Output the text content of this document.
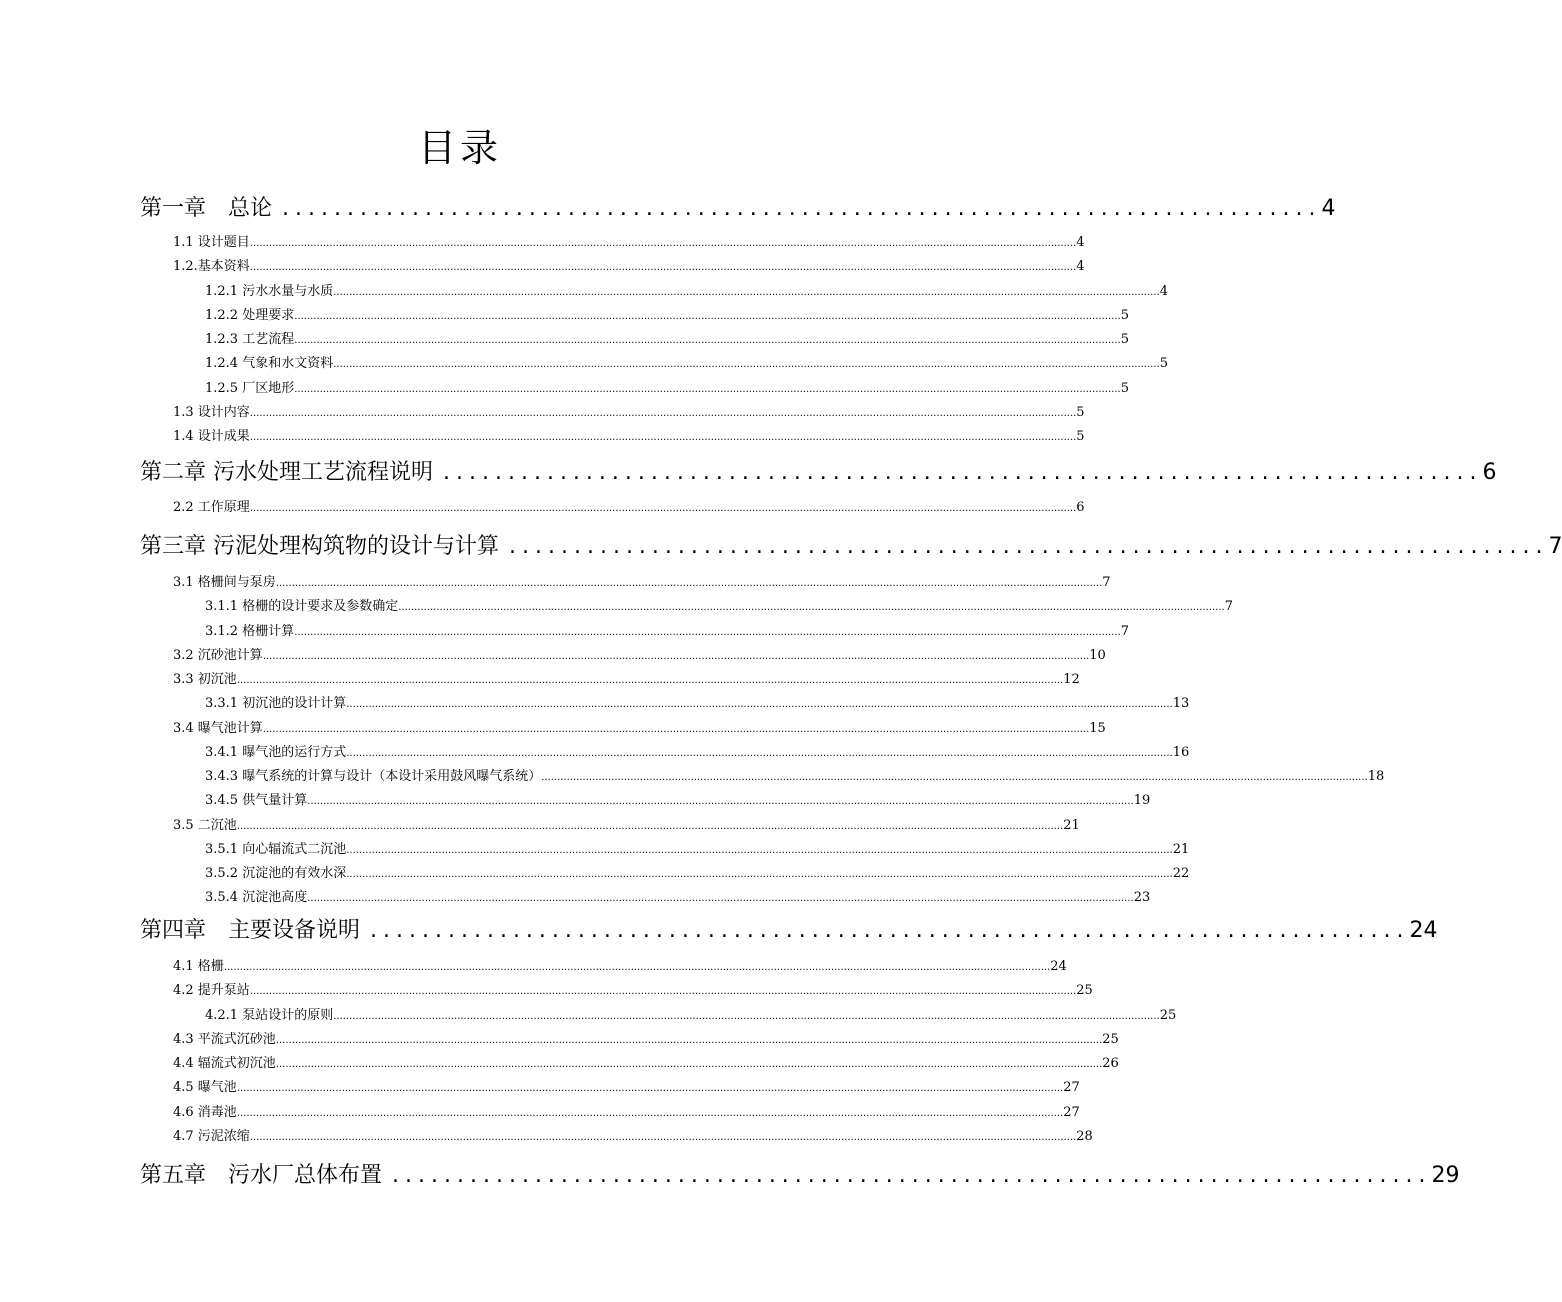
目录
第一章　总论 ................................................................................ 4
1.1 设计题目 .................................................................................................................................................................................................................................................................... 4
1.2.基本资料 .................................................................................................................................................................................................................................................................... 4
1.2.1 污水水量与水质 .................................................................................................................................................................................................................................................................... 4
1.2.2 处理要求 .................................................................................................................................................................................................................................................................... 5
1.2.3 工艺流程 .................................................................................................................................................................................................................................................................... 5
1.2.4 气象和水文资料 .................................................................................................................................................................................................................................................................... 5
1.2.5 厂区地形 .................................................................................................................................................................................................................................................................... 5
1.3 设计内容 .................................................................................................................................................................................................................................................................... 5
1.4 设计成果 .................................................................................................................................................................................................................................................................... 5
第二章 污水处理工艺流程说明 ................................................................................ 6
2.2 工作原理 .................................................................................................................................................................................................................................................................... 6
第三章 污泥处理构筑物的设计与计算 ................................................................................ 7
3.1 格栅间与泵房 .................................................................................................................................................................................................................................................................... 7
3.1.1 格栅的设计要求及参数确定 .................................................................................................................................................................................................................................................................... 7
3.1.2 格栅计算 .................................................................................................................................................................................................................................................................... 7
3.2 沉砂池计算 .................................................................................................................................................................................................................................................................... 10
3.3 初沉池 .................................................................................................................................................................................................................................................................... 12
3.3.1 初沉池的设计计算 .................................................................................................................................................................................................................................................................... 13
3.4 曝气池计算 .................................................................................................................................................................................................................................................................... 15
3.4.1 曝气池的运行方式 .................................................................................................................................................................................................................................................................... 16
3.4.3 曝气系统的计算与设计（本设计采用鼓风曝气系统） .................................................................................................................................................................................................................................................................... 18
3.4.5 供气量计算 .................................................................................................................................................................................................................................................................... 19
3.5 二沉池 .................................................................................................................................................................................................................................................................... 21
3.5.1 向心辐流式二沉池 .................................................................................................................................................................................................................................................................... 21
3.5.2 沉淀池的有效水深 .................................................................................................................................................................................................................................................................... 22
3.5.4 沉淀池高度 .................................................................................................................................................................................................................................................................... 23
第四章　主要设备说明 ................................................................................ 24
4.1 格栅 .................................................................................................................................................................................................................................................................... 24
4.2 提升泵站 .................................................................................................................................................................................................................................................................... 25
4.2.1 泵站设计的原则 .................................................................................................................................................................................................................................................................... 25
4.3 平流式沉砂池 .................................................................................................................................................................................................................................................................... 25
4.4 辐流式初沉池 .................................................................................................................................................................................................................................................................... 26
4.5 曝气池 .................................................................................................................................................................................................................................................................... 27
4.6 消毒池 .................................................................................................................................................................................................................................................................... 27
4.7 污泥浓缩 .................................................................................................................................................................................................................................................................... 28
第五章　污水厂总体布置 ................................................................................ 29
